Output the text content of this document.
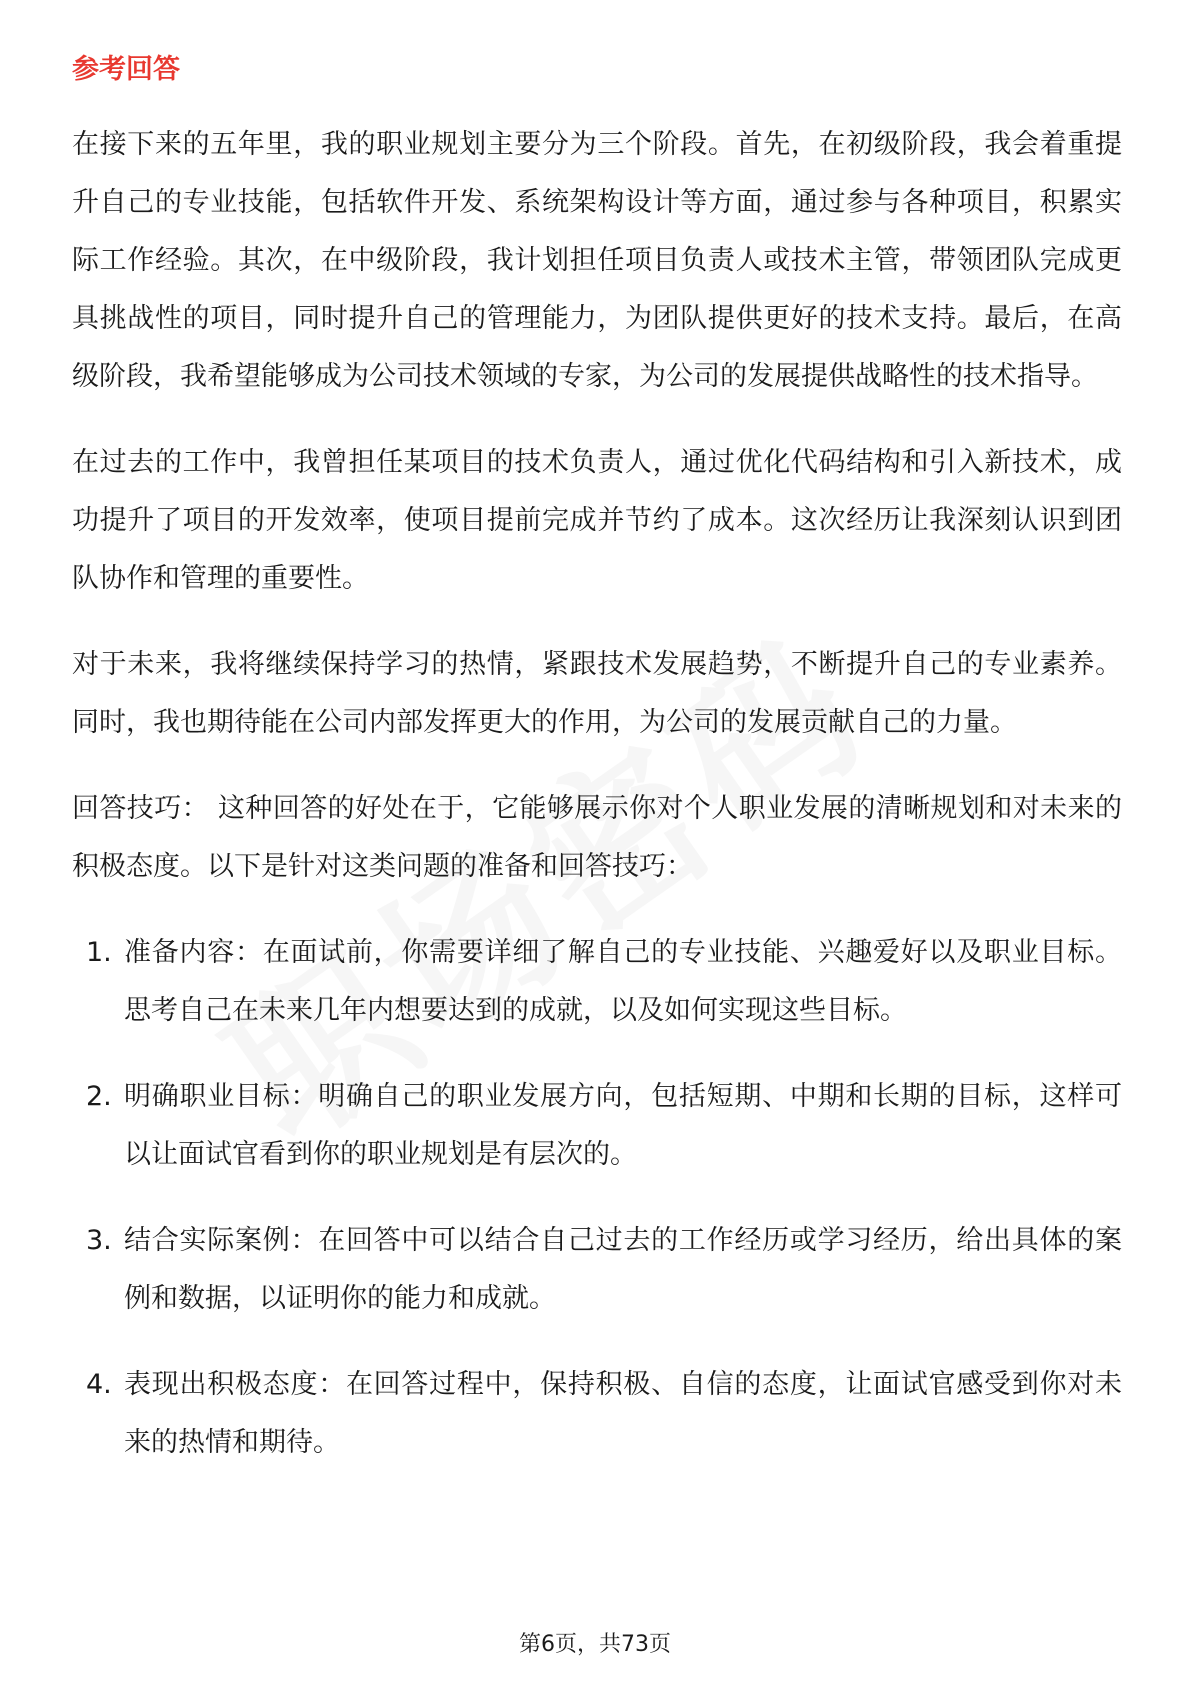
参考回答

在接下来的五年里，我的职业规划主要分为三个阶段。首先，在初级阶段，我会着重提升自己的专业技能，包括软件开发、系统架构设计等方面，通过参与各种项目，积累实际工作经验。其次，在中级阶段，我计划担任项目负责人或技术主管，带领团队完成更具挑战性的项目，同时提升自己的管理能力，为团队提供更好的技术支持。最后，在高级阶段，我希望能够成为公司技术领域的专家，为公司的发展提供战略性的技术指导。

在过去的工作中，我曾担任某项目的技术负责人，通过优化代码结构和引入新技术，成功提升了项目的开发效率，使项目提前完成并节约了成本。这次经历让我深刻认识到团队协作和管理的重要性。

对于未来，我将继续保持学习的热情，紧跟技术发展趋势，不断提升自己的专业素养。同时，我也期待能在公司内部发挥更大的作用，为公司的发展贡献自己的力量。

回答技巧： 这种回答的好处在于，它能够展示你对个人职业发展的清晰规划和对未来的积极态度。以下是针对这类问题的准备和回答技巧：

1. 准备内容：在面试前，你需要详细了解自己的专业技能、兴趣爱好以及职业目标。思考自己在未来几年内想要达到的成就，以及如何实现这些目标。
2. 明确职业目标：明确自己的职业发展方向，包括短期、中期和长期的目标，这样可以让面试官看到你的职业规划是有层次的。
3. 结合实际案例：在回答中可以结合自己过去的工作经历或学习经历，给出具体的案例和数据，以证明你的能力和成就。
4. 表现出积极态度：在回答过程中，保持积极、自信的态度，让面试官感受到你对未来的热情和期待。
第6页，共73页
